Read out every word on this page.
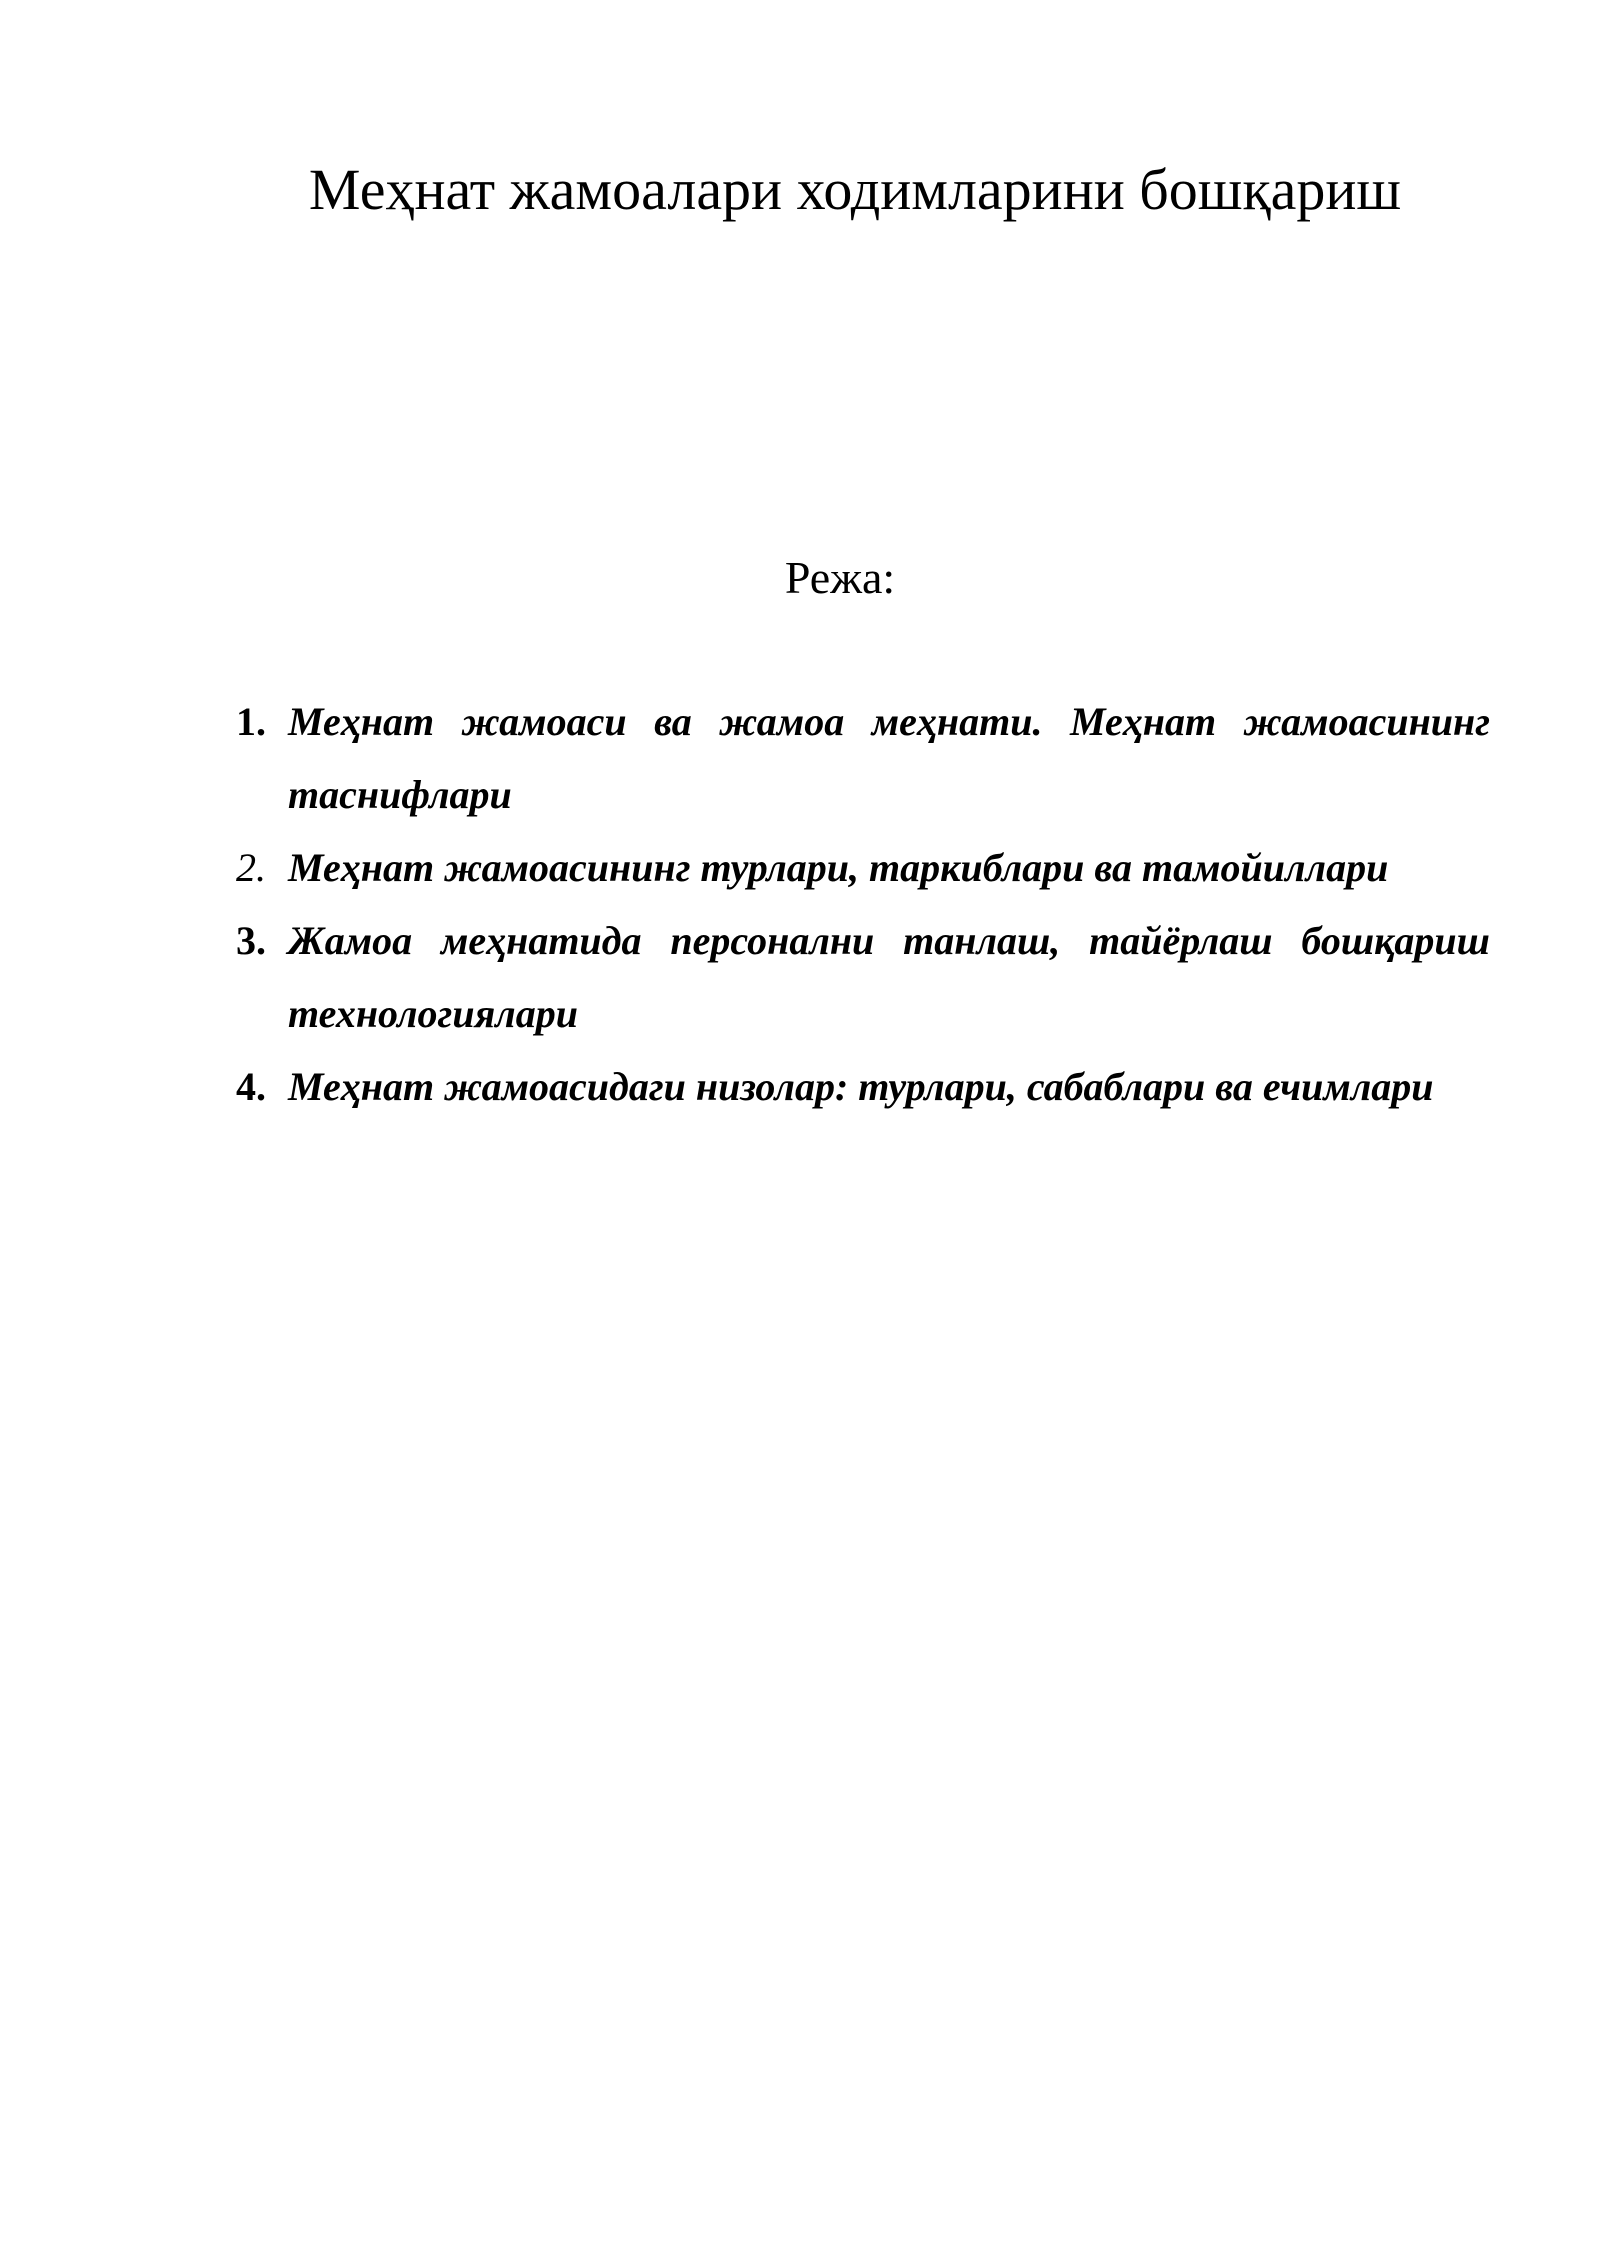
Меҳнат жамоалари ходимларини бошқариш

Режа:

1. Меҳнат жамоаси ва жамоа меҳнати. Меҳнат жамоасининг
таснифлари
2. Меҳнат жамоасининг турлари, таркиблари ва тамойиллари
3. Жамоа меҳнатида персонални танлаш, тайёрлаш бошқариш
технологиялари
4. Меҳнат жамоасидаги низолар: турлари, сабаблари ва ечимлари
